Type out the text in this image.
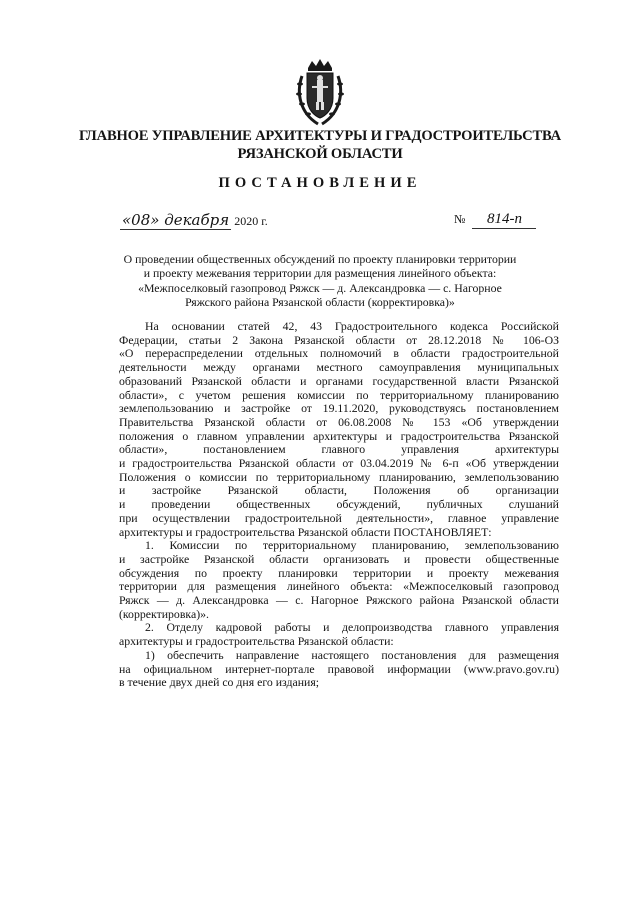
ГЛАВНОЕ УПРАВЛЕНИЕ АРХИТЕКТУРЫ И ГРАДОСТРОИТЕЛЬСТВА
РЯЗАНСКОЙ ОБЛАСТИ
ПОСТАНОВЛЕНИЕ
«08» декабря 2020 г.	№ 814-п
О проведении общественных обсуждений по проекту планировки территории
и проекту межевания территории для размещения линейного объекта:
«Межпоселковый газопровод Ряжск — д. Александровка — с. Нагорное
Ряжского района Рязанской области (корректировка)»
На основании статей 42, 43 Градостроительного кодекса Российской
Федерации, статьи 2 Закона Рязанской области от 28.12.2018 № 106-ОЗ
«О перераспределении отдельных полномочий в области градостроительной
деятельности между органами местного самоуправления муниципальных
образований Рязанской области и органами государственной власти Рязанской
области», с учетом решения комиссии по территориальному планированию
землепользованию и застройке от 19.11.2020, руководствуясь постановлением
Правительства Рязанской области от 06.08.2008 № 153 «Об утверждении
положения о главном управлении архитектуры и градостроительства Рязанской
области», постановлением главного управления архитектуры
и градостроительства Рязанской области от 03.04.2019 № 6-п «Об утверждении
Положения о комиссии по территориальному планированию, землепользованию
и застройке Рязанской области, Положения об организации
и проведении общественных обсуждений, публичных слушаний
при осуществлении градостроительной деятельности», главное управление
архитектуры и градостроительства Рязанской области ПОСТАНОВЛЯЕТ:
1. Комиссии по территориальному планированию, землепользованию
и застройке Рязанской области организовать и провести общественные
обсуждения по проекту планировки территории и проекту межевания
территории для размещения линейного объекта: «Межпоселковый газопровод
Ряжск — д. Александровка — с. Нагорное Ряжского района Рязанской области
(корректировка)».
2. Отделу кадровой работы и делопроизводства главного управления
архитектуры и градостроительства Рязанской области:
1) обеспечить направление настоящего постановления для размещения
на официальном интернет-портале правовой информации (www.pravo.gov.ru)
в течение двух дней со дня его издания;
